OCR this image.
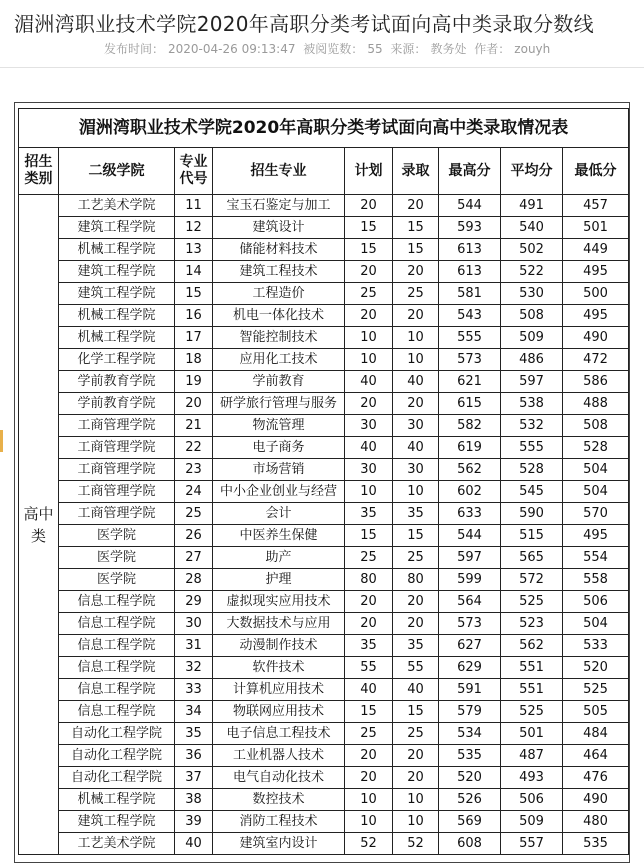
湄洲湾职业技术学院2020年高职分类考试面向高中类录取分数线
发布时间： 2020-04-26 09:13:47 被阅览数： 55 来源： 教务处 作者： zouyh
湄洲湾职业技术学院2020年高职分类考试面向高中类录取情况表								
招生类别	二级学院	专业代号	招生专业	计划	录取	最高分	平均分	最低分
高中类	工艺美术学院	11	宝玉石鉴定与加工	20	20	544	491	457
	建筑工程学院	12	建筑设计	15	15	593	540	501
	机械工程学院	13	储能材料技术	15	15	613	502	449
	建筑工程学院	14	建筑工程技术	20	20	613	522	495
	建筑工程学院	15	工程造价	25	25	581	530	500
	机械工程学院	16	机电一体化技术	20	20	543	508	495
	机械工程学院	17	智能控制技术	10	10	555	509	490
	化学工程学院	18	应用化工技术	10	10	573	486	472
	学前教育学院	19	学前教育	40	40	621	597	586
	学前教育学院	20	研学旅行管理与服务	20	20	615	538	488
	工商管理学院	21	物流管理	30	30	582	532	508
	工商管理学院	22	电子商务	40	40	619	555	528
	工商管理学院	23	市场营销	30	30	562	528	504
	工商管理学院	24	中小企业创业与经营	10	10	602	545	504
	工商管理学院	25	会计	35	35	633	590	570
	医学院	26	中医养生保健	15	15	544	515	495
	医学院	27	助产	25	25	597	565	554
	医学院	28	护理	80	80	599	572	558
	信息工程学院	29	虚拟现实应用技术	20	20	564	525	506
	信息工程学院	30	大数据技术与应用	20	20	573	523	504
	信息工程学院	31	动漫制作技术	35	35	627	562	533
	信息工程学院	32	软件技术	55	55	629	551	520
	信息工程学院	33	计算机应用技术	40	40	591	551	525
	信息工程学院	34	物联网应用技术	15	15	579	525	505
	自动化工程学院	35	电子信息工程技术	25	25	534	501	484
	自动化工程学院	36	工业机器人技术	20	20	535	487	464
	自动化工程学院	37	电气自动化技术	20	20	520	493	476
	机械工程学院	38	数控技术	10	10	526	506	490
	建筑工程学院	39	消防工程技术	10	10	569	509	480
	工艺美术学院	40	建筑室内设计	52	52	608	557	535
